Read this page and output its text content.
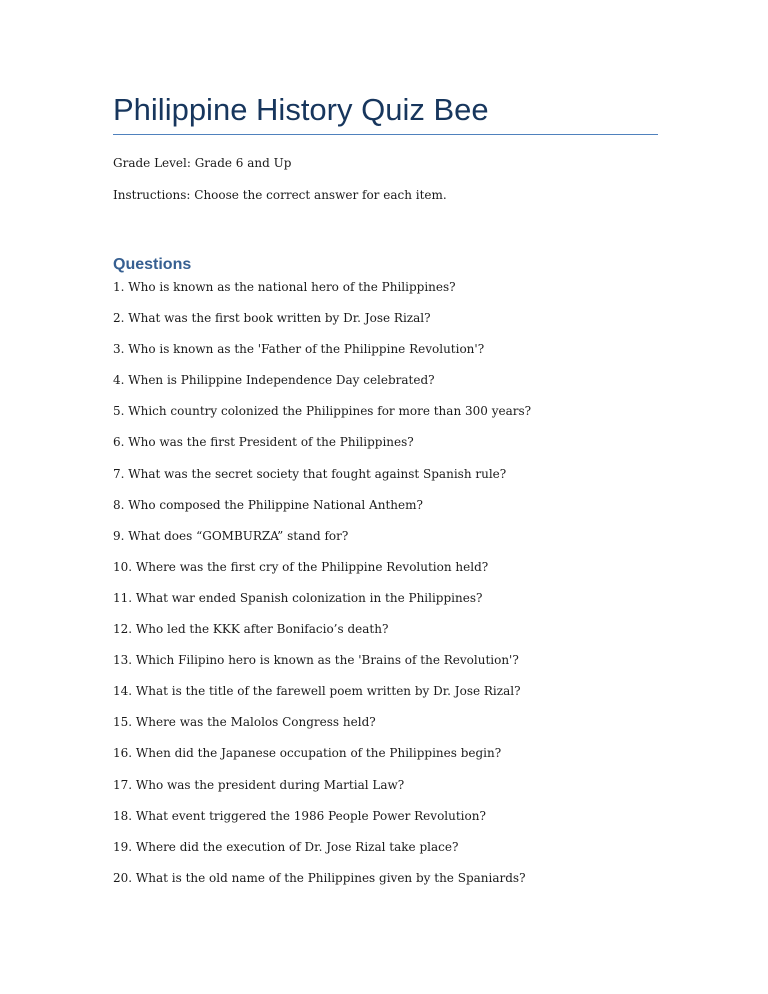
Philippine History Quiz Bee

Grade Level: Grade 6 and Up

Instructions: Choose the correct answer for each item.

Questions
1. Who is known as the national hero of the Philippines?
2. What was the first book written by Dr. Jose Rizal?
3. Who is known as the 'Father of the Philippine Revolution'?
4. When is Philippine Independence Day celebrated?
5. Which country colonized the Philippines for more than 300 years?
6. Who was the first President of the Philippines?
7. What was the secret society that fought against Spanish rule?
8. Who composed the Philippine National Anthem?
9. What does “GOMBURZA” stand for?
10. Where was the first cry of the Philippine Revolution held?
11. What war ended Spanish colonization in the Philippines?
12. Who led the KKK after Bonifacio’s death?
13. Which Filipino hero is known as the 'Brains of the Revolution'?
14. What is the title of the farewell poem written by Dr. Jose Rizal?
15. Where was the Malolos Congress held?
16. When did the Japanese occupation of the Philippines begin?
17. Who was the president during Martial Law?
18. What event triggered the 1986 People Power Revolution?
19. Where did the execution of Dr. Jose Rizal take place?
20. What is the old name of the Philippines given by the Spaniards?
